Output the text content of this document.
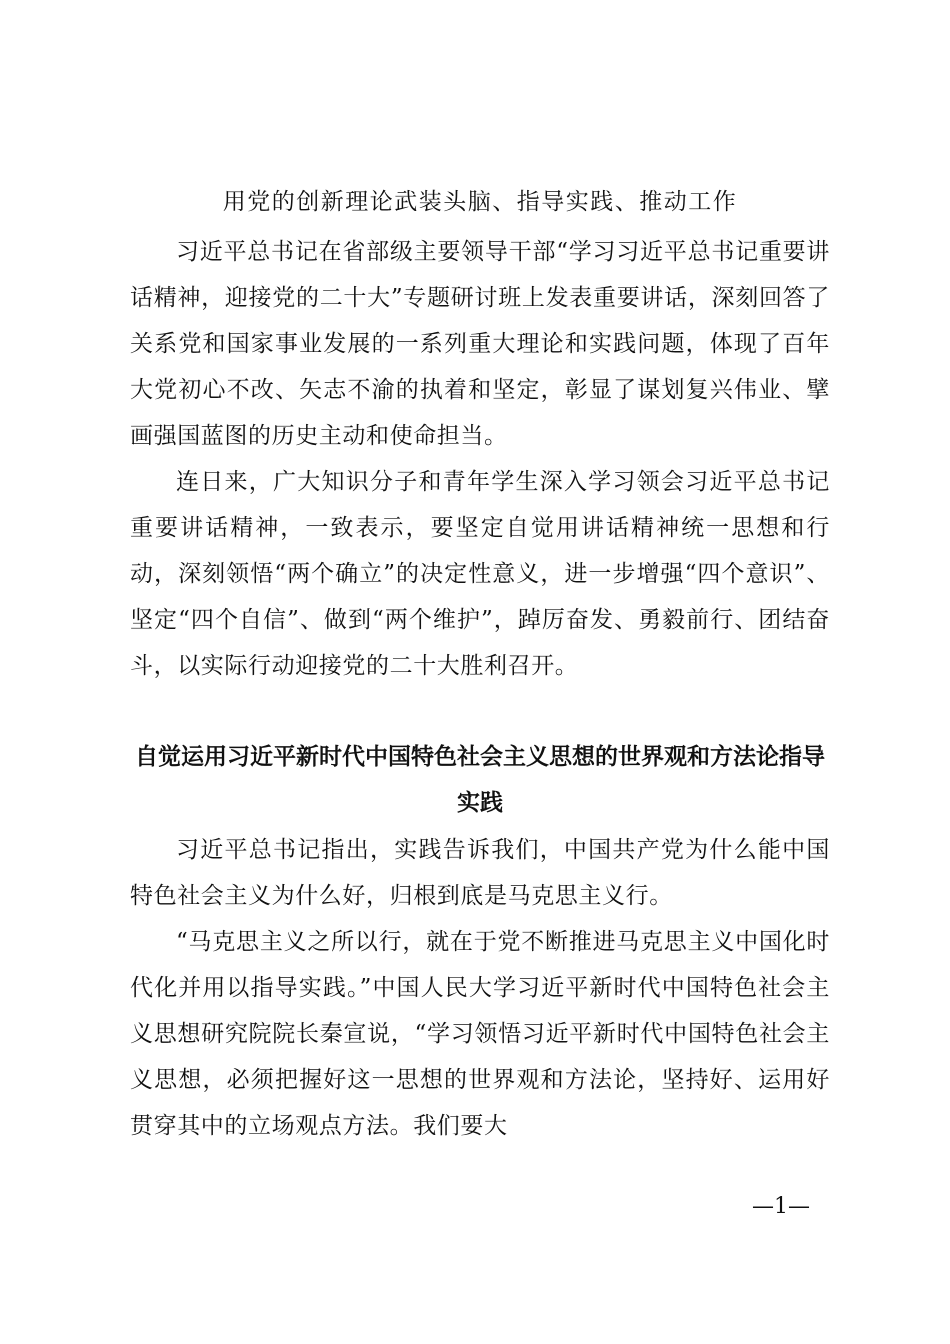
用党的创新理论武装头脑、指导实践、推动工作
习近平总书记在省部级主要领导干部“学习习近平总书记重要讲话精神，迎接党的二十大”专题研讨班上发表重要讲话，深刻回答了关系党和国家事业发展的一系列重大理论和实践问题，体现了百年大党初心不改、矢志不渝的执着和坚定，彰显了谋划复兴伟业、擘画强国蓝图的历史主动和使命担当。
连日来，广大知识分子和青年学生深入学习领会习近平总书记重要讲话精神，一致表示，要坚定自觉用讲话精神统一思想和行动，深刻领悟“两个确立”的决定性意义，进一步增强“四个意识”、坚定“四个自信”、做到“两个维护”，踔厉奋发、勇毅前行、团结奋斗，以实际行动迎接党的二十大胜利召开。
自觉运用习近平新时代中国特色社会主义思想的世界观和方法论指导实践
习近平总书记指出，实践告诉我们，中国共产党为什么能中国特色社会主义为什么好，归根到底是马克思主义行。
“马克思主义之所以行，就在于党不断推进马克思主义中国化时代化并用以指导实践。”中国人民大学习近平新时代中国特色社会主义思想研究院院长秦宣说，“学习领悟习近平新时代中国特色社会主义思想，必须把握好这一思想的世界观和方法论，坚持好、运用好贯穿其中的立场观点方法。我们要大
—1—
